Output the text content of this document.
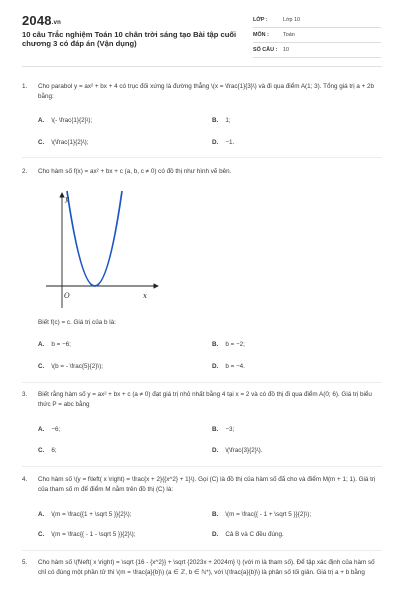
2048.vn
10 câu Trắc nghiệm Toán 10 chân trời sáng tạo Bài tập cuối chương 3 có đáp án (Vận dụng)
LỚP :	Lớp 10
MÔN :	Toán
SỐ CÂU :	10
1. Cho parabol y = ax² + bx + 4 có trục đối xứng là đường thẳng \(x = \frac{1}{3}\) và đi qua điểm A(1; 3). Tổng giá trị a + 2b bằng:
A. \(- \frac{1}{2}\);	B. 1;
C. \(\frac{1}{2}\);	D. −1.
2. Cho hàm số f(x) = ax² + bx + c (a, b, c ≠ 0) có đồ thị như hình vẽ bên.
y
x
O
Biết f(c) = c. Giá trị của b là:
A. b = −6;	B. b = −2;
C. \(b = - \frac{5}{2}\);	D. b = −4.
3. Biết rằng hàm số y = ax² + bx + c (a ≠ 0) đạt giá trị nhỏ nhất bằng 4 tại x = 2 và có đồ thị đi qua điểm A(0; 6). Giá trị biểu thức P = abc bằng
A. −6;	B. −3;
C. 6;	D. \(\frac{3}{2}\).
4. Cho hàm số \(y = f\left( x \right) = \frac{x + 2}{{x^2} + 1}\). Gọi (C) là đồ thị của hàm số đã cho và điểm M(m + 1; 1). Giá trị của tham số m để điểm M nằm trên đồ thị (C) là:
A. \(m = \frac{{1 + \sqrt 5 }}{2}\);	B. \(m = \frac{{ - 1 + \sqrt 5 }}{2}\);
C. \(m = \frac{{ - 1 - \sqrt 5 }}{2}\);	D. Cả B và C đều đúng.
5. Cho hàm số \(f\left( x \right) = \sqrt {16 - {x^2}} + \sqrt {2023x + 2024m} \) (với m là tham số). Để tập xác định của hàm số chỉ có đúng một phần tử thì \(m = \frac{a}{b}\) (a ∈ ℤ, b ∈ ℕ*), với \(\frac{a}{b}\) là phân số tối giản. Giá trị a + b bằng
